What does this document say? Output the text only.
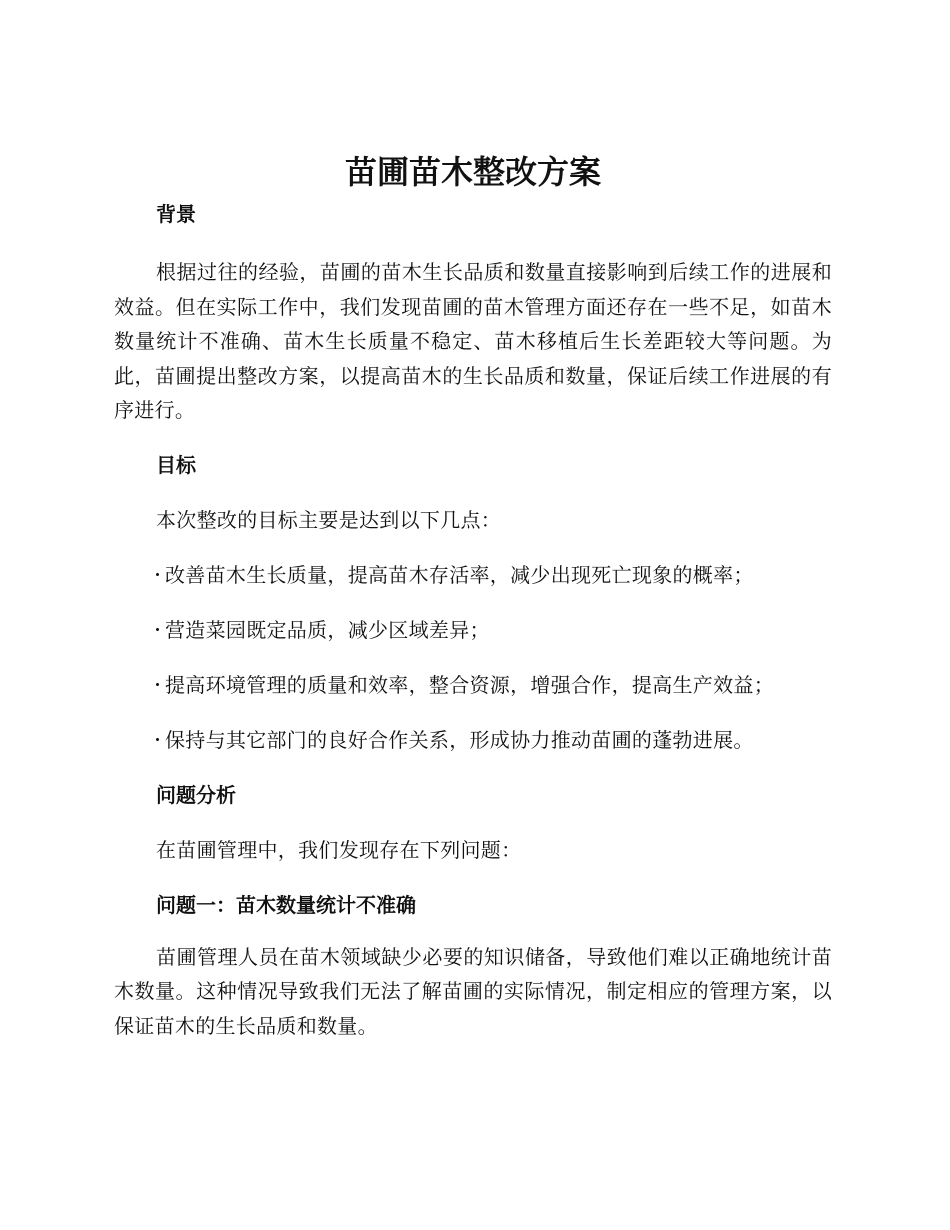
苗圃苗木整改方案
背景

根据过往的经验，苗圃的苗木生长品质和数量直接影响到后续工作的进展和效益。但在实际工作中，我们发现苗圃的苗木管理方面还存在一些不足，如苗木数量统计不准确、苗木生长质量不稳定、苗木移植后生长差距较大等问题。为此，苗圃提出整改方案，以提高苗木的生长品质和数量，保证后续工作进展的有序进行。

目标

本次整改的目标主要是达到以下几点：

改善苗木生长质量，提高苗木存活率，减少出现死亡现象的概率；

营造菜园既定品质，减少区域差异；

提高环境管理的质量和效率，整合资源，增强合作，提高生产效益；

保持与其它部门的良好合作关系，形成协力推动苗圃的蓬勃进展。

问题分析

在苗圃管理中，我们发现存在下列问题：

问题一：苗木数量统计不准确

苗圃管理人员在苗木领域缺少必要的知识储备，导致他们难以正确地统计苗木数量。这种情况导致我们无法了解苗圃的实际情况，制定相应的管理方案，以保证苗木的生长品质和数量。
